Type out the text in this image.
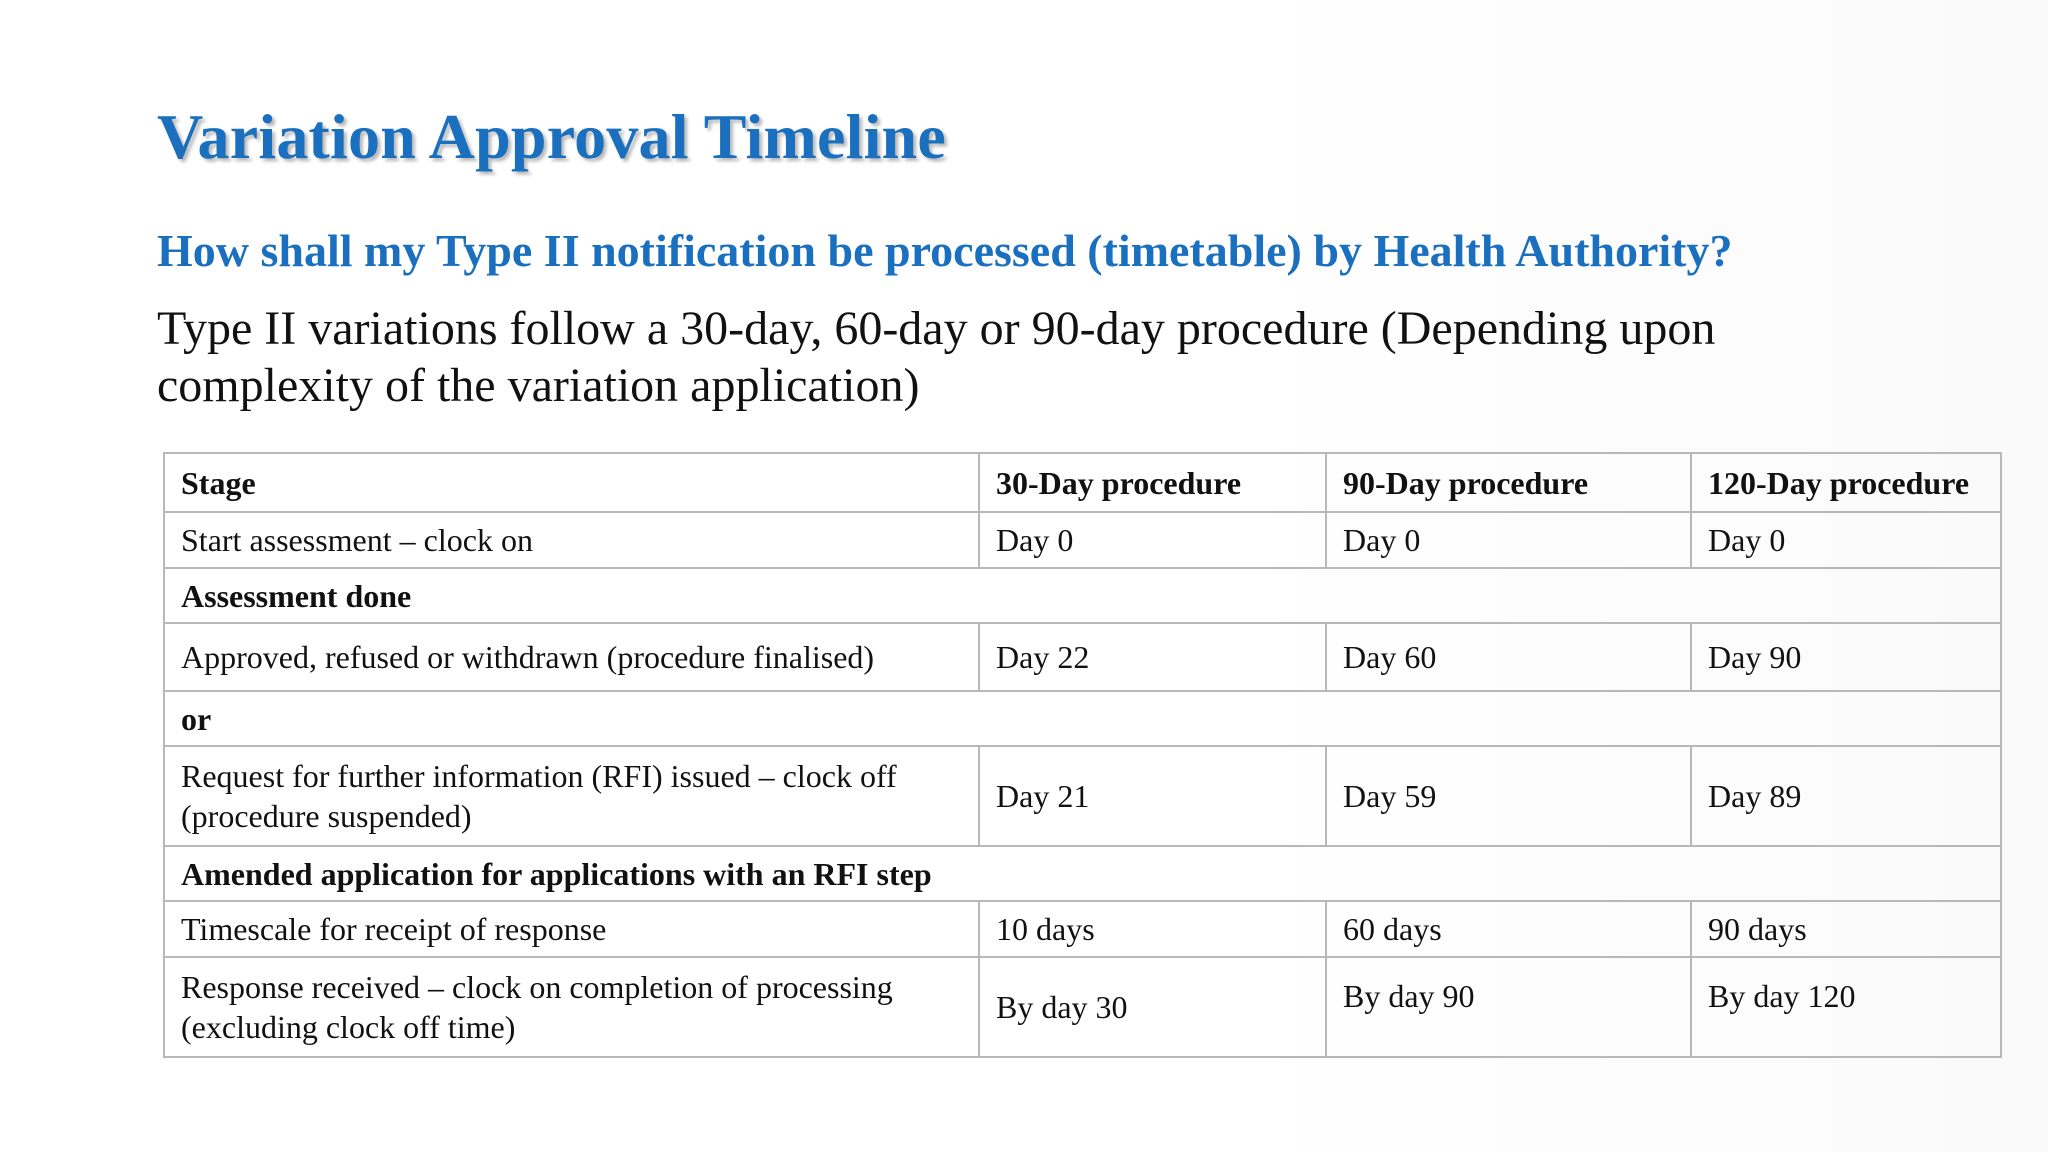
Variation Approval Timeline
How shall my Type II notification be processed (timetable) by Health Authority?
Type II variations follow a 30-day, 60-day or 90-day procedure (Depending upon complexity of the variation application)
Stage	30-Day procedure	90-Day procedure	120-Day procedure
Start assessment – clock on	Day 0	Day 0	Day 0
Assessment done			
Approved, refused or withdrawn (procedure finalised)	Day 22	Day 60	Day 90
or			
Request for further information (RFI) issued – clock off (procedure suspended)	Day 21	Day 59	Day 89
Amended application for applications with an RFI step			
Timescale for receipt of response	10 days	60 days	90 days
Response received – clock on completion of processing (excluding clock off time)	By day 30	By day 90	By day 120
